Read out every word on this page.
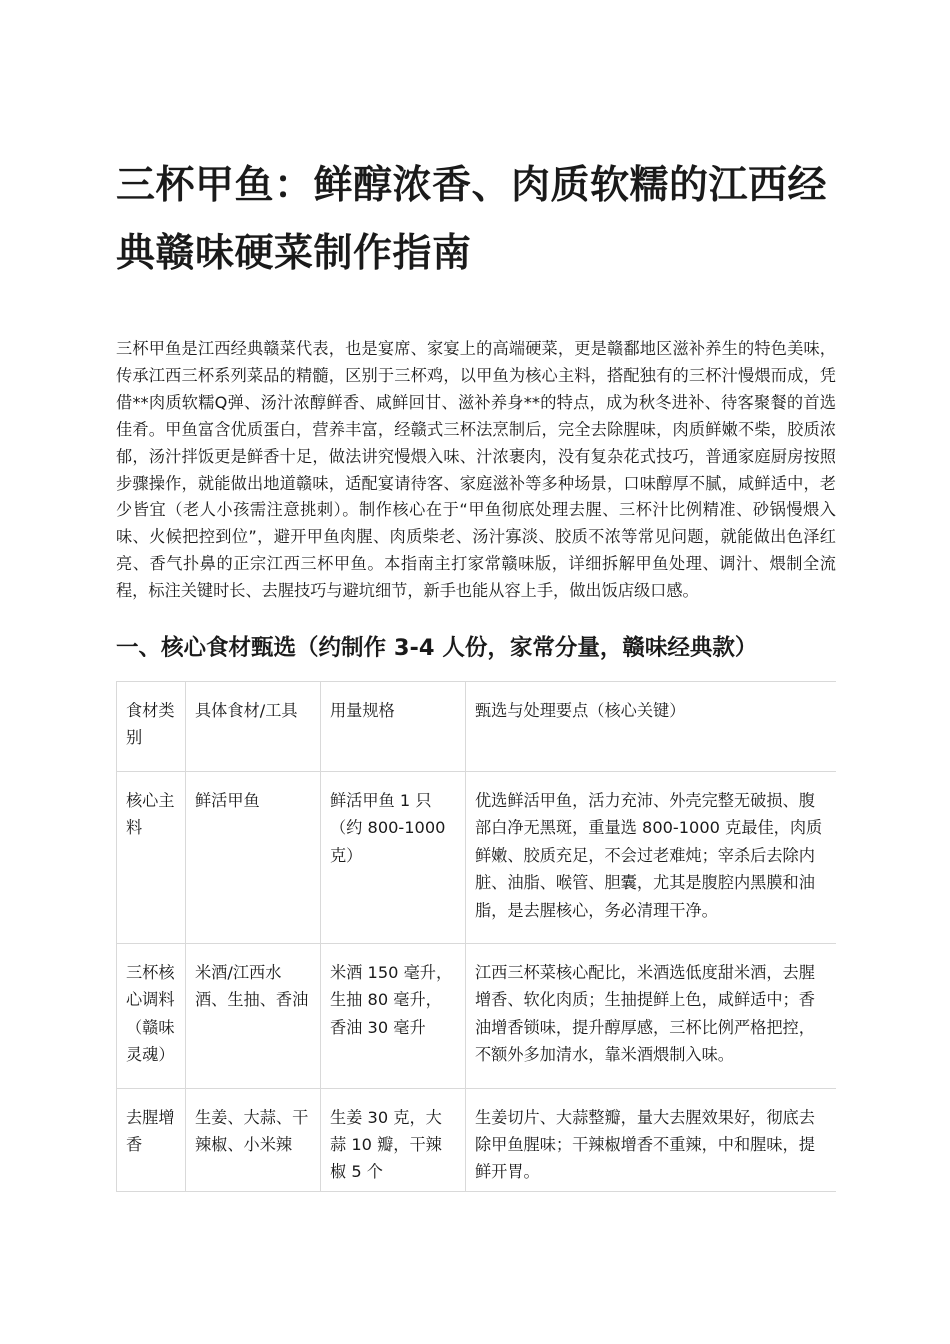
三杯甲鱼：鲜醇浓香、肉质软糯的江西经典赣味硬菜制作指南

三杯甲鱼是江西经典赣菜代表，也是宴席、家宴上的高端硬菜，更是赣鄱地区滋补养生的特色美味，传承江西三杯系列菜品的精髓，区别于三杯鸡，以甲鱼为核心主料，搭配独有的三杯汁慢煨而成，凭借**肉质软糯Q弹、汤汁浓醇鲜香、咸鲜回甘、滋补养身**的特点，成为秋冬进补、待客聚餐的首选佳肴。甲鱼富含优质蛋白，营养丰富，经赣式三杯法烹制后，完全去除腥味，肉质鲜嫩不柴，胶质浓郁，汤汁拌饭更是鲜香十足，做法讲究慢煨入味、汁浓裹肉，没有复杂花式技巧，普通家庭厨房按照步骤操作，就能做出地道赣味，适配宴请待客、家庭滋补等多种场景，口味醇厚不腻，咸鲜适中，老少皆宜（老人小孩需注意挑刺）。制作核心在于“甲鱼彻底处理去腥、三杯汁比例精准、砂锅慢煨入味、火候把控到位”，避开甲鱼肉腥、肉质柴老、汤汁寡淡、胶质不浓等常见问题，就能做出色泽红亮、香气扑鼻的正宗江西三杯甲鱼。本指南主打家常赣味版，详细拆解甲鱼处理、调汁、煨制全流程，标注关键时长、去腥技巧与避坑细节，新手也能从容上手，做出饭店级口感。

一、核心食材甄选（约制作 3-4 人份，家常分量，赣味经典款）
食材类别	具体食材/工具	用量规格	甄选与处理要点（核心关键）
核心主料	鲜活甲鱼	鲜活甲鱼 1 只（约 800-1000 克）	优选鲜活甲鱼，活力充沛、外壳完整无破损、腹部白净无黑斑，重量选 800-1000 克最佳，肉质鲜嫩、胶质充足，不会过老难炖；宰杀后去除内脏、油脂、喉管、胆囊，尤其是腹腔内黑膜和油脂，是去腥核心，务必清理干净。
三杯核心调料（赣味灵魂）	米酒/江西水酒、生抽、香油	米酒 150 毫升，生抽 80 毫升，香油 30 毫升	江西三杯菜核心配比，米酒选低度甜米酒，去腥增香、软化肉质；生抽提鲜上色，咸鲜适中；香油增香锁味，提升醇厚感，三杯比例严格把控，不额外多加清水，靠米酒煨制入味。
去腥增香	生姜、大蒜、干辣椒、小米辣	生姜 30 克，大蒜 10 瓣，干辣椒 5 个	生姜切片、大蒜整瓣，量大去腥效果好，彻底去除甲鱼腥味；干辣椒增香不重辣，中和腥味，提鲜开胃。
